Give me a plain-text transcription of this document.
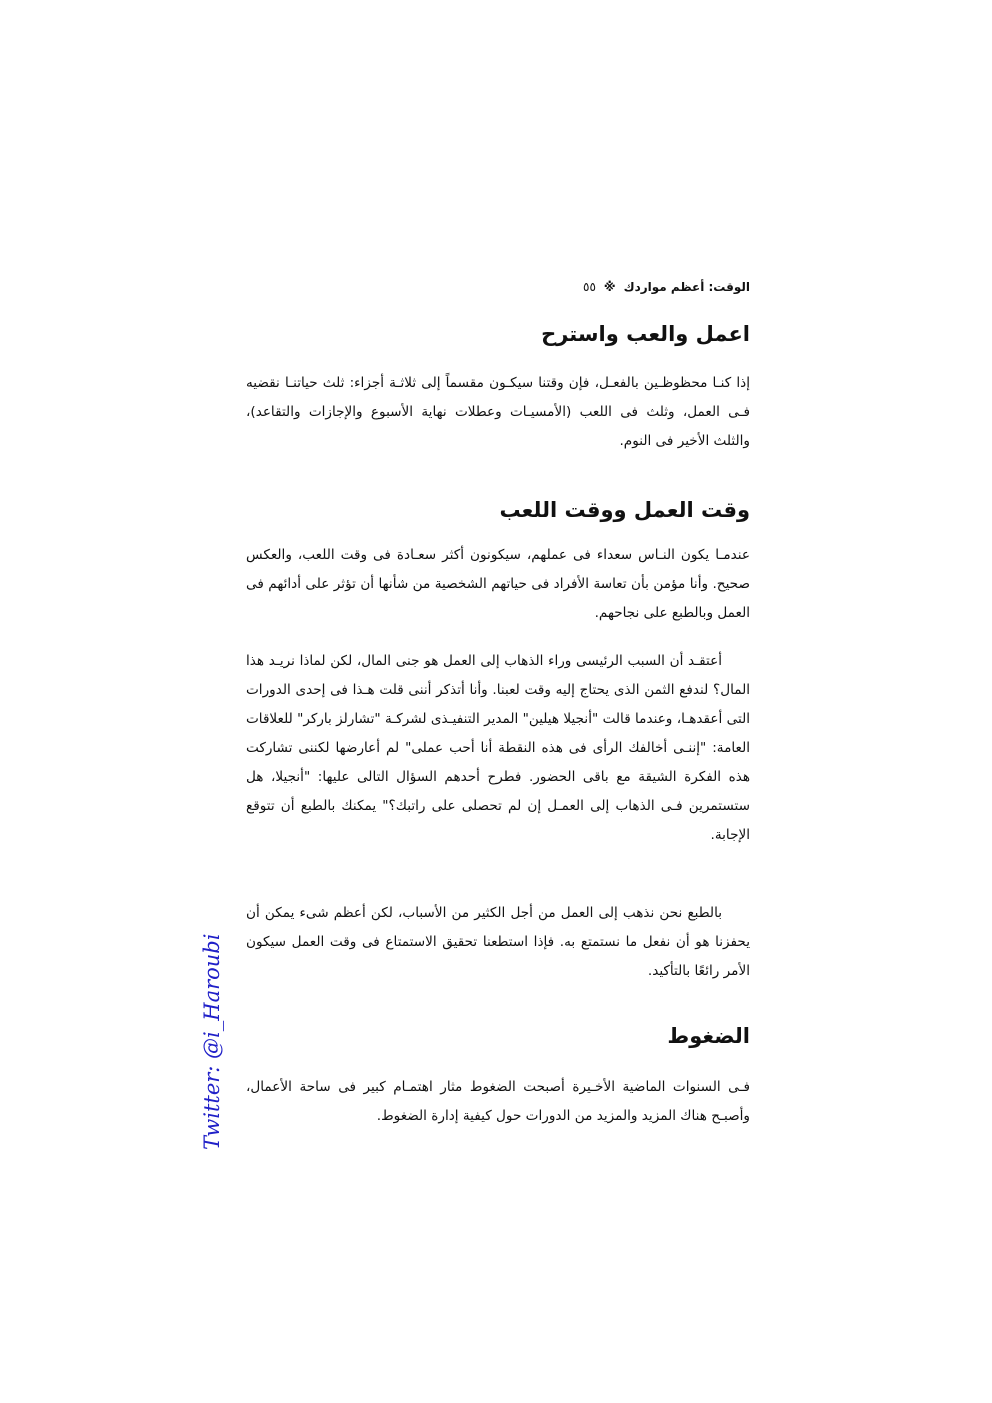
الوقت: أعظم مواردك
※
٥٥
اعمل والعب واسترح

إذا كنـا محظوظـين بالفعـل، فإن وقتنا سيكـون مقسماً إلى ثلاثـة أجزاء: ثلث حياتنـا نقضيه فـى العمل، وثلث فى اللعب (الأمسيـات وعطلات نهاية الأسبوع والإجازات والتقاعد)، والثلث الأخير فى النوم.

وقت العمل ووقت اللعب

عندمـا يكون النـاس سعداء فى عملهم، سيكونون أكثر سعـادة فى وقت اللعب، والعكس صحيح. وأنا مؤمن بأن تعاسة الأفراد فى حياتهم الشخصية من شأنها أن تؤثر على أدائهم فى العمل وبالطبع على نجاحهم.

أعتقـد أن السبب الرئيسى وراء الذهاب إلى العمل هو جنى المال، لكن لماذا نريـد هذا المال؟ لندفع الثمن الذى يحتاج إليه وقت لعبنا. وأنا أتذكر أننى قلت هـذا فى إحدى الدورات التى أعقدهـا، وعندما قالت "أنجيلا هيلين" المدير التنفيـذى لشركـة "تشارلز باركر" للعلاقات العامة: "إننـى أخالفك الرأى فى هذه النقطة أنا أحب عملى" لم أعارضها لكننى تشاركت هذه الفكرة الشيقة مع باقى الحضور. فطرح أحدهم السؤال التالى عليها: "أنجيلا، هل ستستمرين فـى الذهاب إلى العمـل إن لم تحصلى على راتبك؟" يمكنك بالطبع أن تتوقع الإجابة.

بالطبع نحن نذهب إلى العمل من أجل الكثير من الأسباب، لكن أعظم شىء يمكن أن يحفزنا هو أن نفعل ما نستمتع به. فإذا استطعنا تحقيق الاستمتاع فى وقت العمل سيكون الأمر رائعًا بالتأكيد.

الضغوط

فـى السنوات الماضية الأخـيرة أصبحت الضغوط مثار اهتمـام كبير فى ساحة الأعمال، وأصبـح هناك المزيد والمزيد من الدورات حول كيفية إدارة الضغوط.

Twitter: @i_Haroubi
